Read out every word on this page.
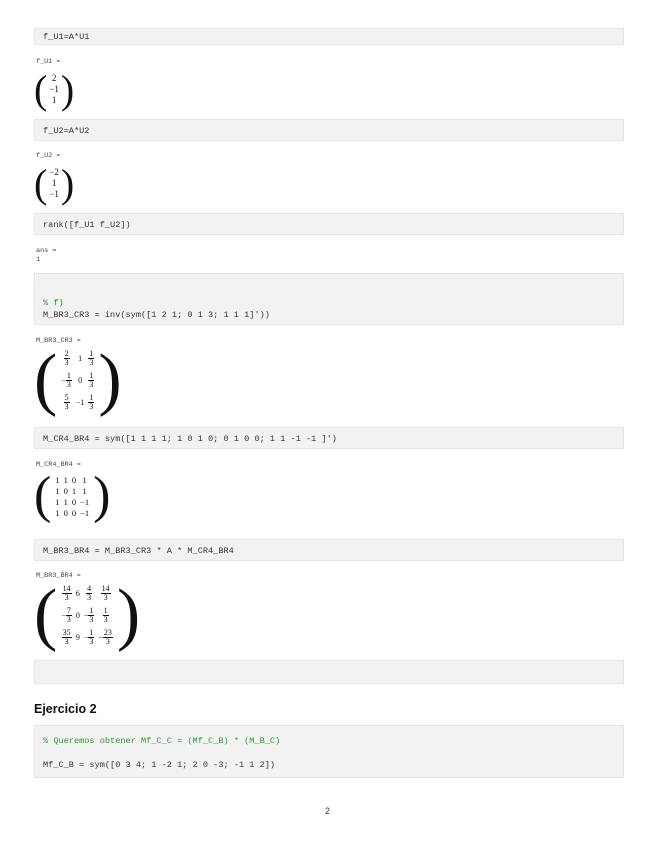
f_U1=A*U1
f_U1 =
(	2
−1
1	)
f_U2=A*U2
f_U2 =
(	−2
1
−1	)
rank([f_U1 f_U2])
ans =
1
% f)
M_BR3_CR3 = inv(sym([1 2 1; 0 1 3; 1 1 1]'))
M_BR3_CR3 =
(	$\frac{2}{3}$	1	$\frac{1}{3}$

− $\frac{1}{3}$	0	$\frac{1}{3}$

$\frac{5}{3}$	−1	$\frac{1}{3}$
	)
M_CR4_BR4 = sym([1 1 1 1; 1 0 1 0; 0 1 0 0; 1 1 -1 -1 ]')
M_CR4_BR4 =
(	1	1	0	1
1	0	1	1
1	1	0	−1
1	0	0	−1
	)
M_BR3_BR4 = M_BR3_CR3 * A * M_CR4_BR4
M_BR3_BR4 =
(	$\frac{14}{3}$	6	$\frac{4}{3}$	$\frac{14}{3}$

− $\frac{7}{3}$	0	− $\frac{1}{3}$	$\frac{1}{3}$

$\frac{35}{3}$	9	− $\frac{1}{3}$	− $\frac{23}{3}$
	)
Ejercicio 2
% Queremos obtener Mf_C_C = (Mf_C_B) * (M_B_C)
Mf_C_B = sym([0 3 4; 1 -2 1; 2 0 -3; -1 1 2])
2
